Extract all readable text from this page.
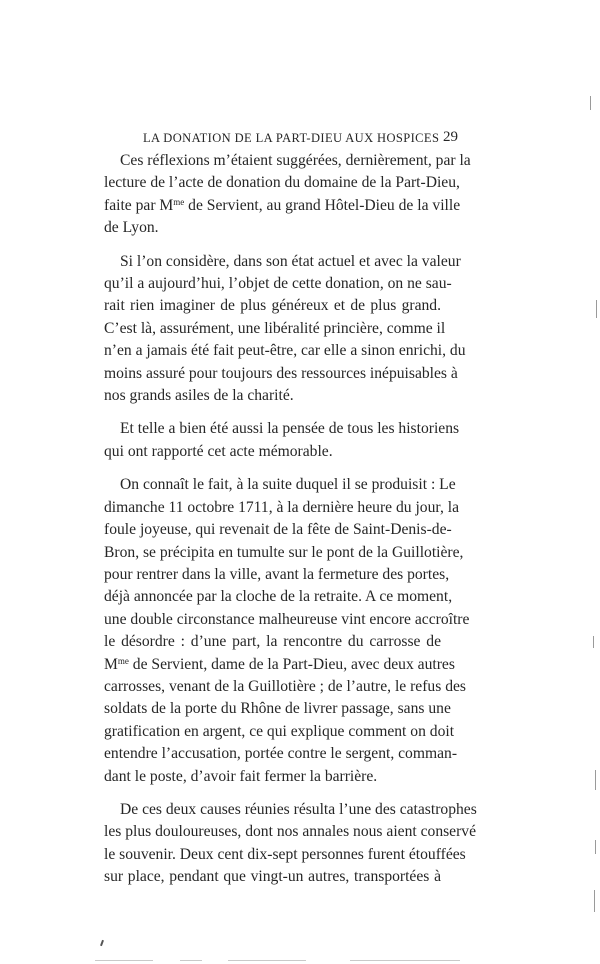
LA DONATION DE LA PART-DIEU AUX HOSPICES 29

Ces réflexions m’étaient suggérées, dernièrement, par la
lecture de l’acte de donation du domaine de la Part-Dieu,
faite par $M^{me}$ de Servient, au grand Hôtel-Dieu de la ville
de Lyon.

Si l’on considère, dans son état actuel et avec la valeur
qu’il a aujourd’hui, l’objet de cette donation, on ne sau-
rait rien imaginer de plus généreux et de plus grand.
C’est là, assurément, une libéralité princière, comme il
n’en a jamais été fait peut-être, car elle a sinon enrichi, du
moins assuré pour toujours des ressources inépuisables à
nos grands asiles de la charité.

Et telle a bien été aussi la pensée de tous les historiens
qui ont rapporté cet acte mémorable.

On connaît le fait, à la suite duquel il se produisit : Le
dimanche 11 octobre 1711, à la dernière heure du jour, la
foule joyeuse, qui revenait de la fête de Saint-Denis-de-
Bron, se précipita en tumulte sur le pont de la Guillotière,
pour rentrer dans la ville, avant la fermeture des portes,
déjà annoncée par la cloche de la retraite. A ce moment,
une double circonstance malheureuse vint encore accroître
le désordre : d’une part, la rencontre du carrosse de
$M^{me}$ de Servient, dame de la Part-Dieu, avec deux autres
carrosses, venant de la Guillotière ; de l’autre, le refus des
soldats de la porte du Rhône de livrer passage, sans une
gratification en argent, ce qui explique comment on doit
entendre l’accusation, portée contre le sergent, comman-
dant le poste, d’avoir fait fermer la barrière.

De ces deux causes réunies résulta l’une des catastrophes
les plus douloureuses, dont nos annales nous aient conservé
le souvenir. Deux cent dix-sept personnes furent étouffées
sur place, pendant que vingt-un autres, transportées à
